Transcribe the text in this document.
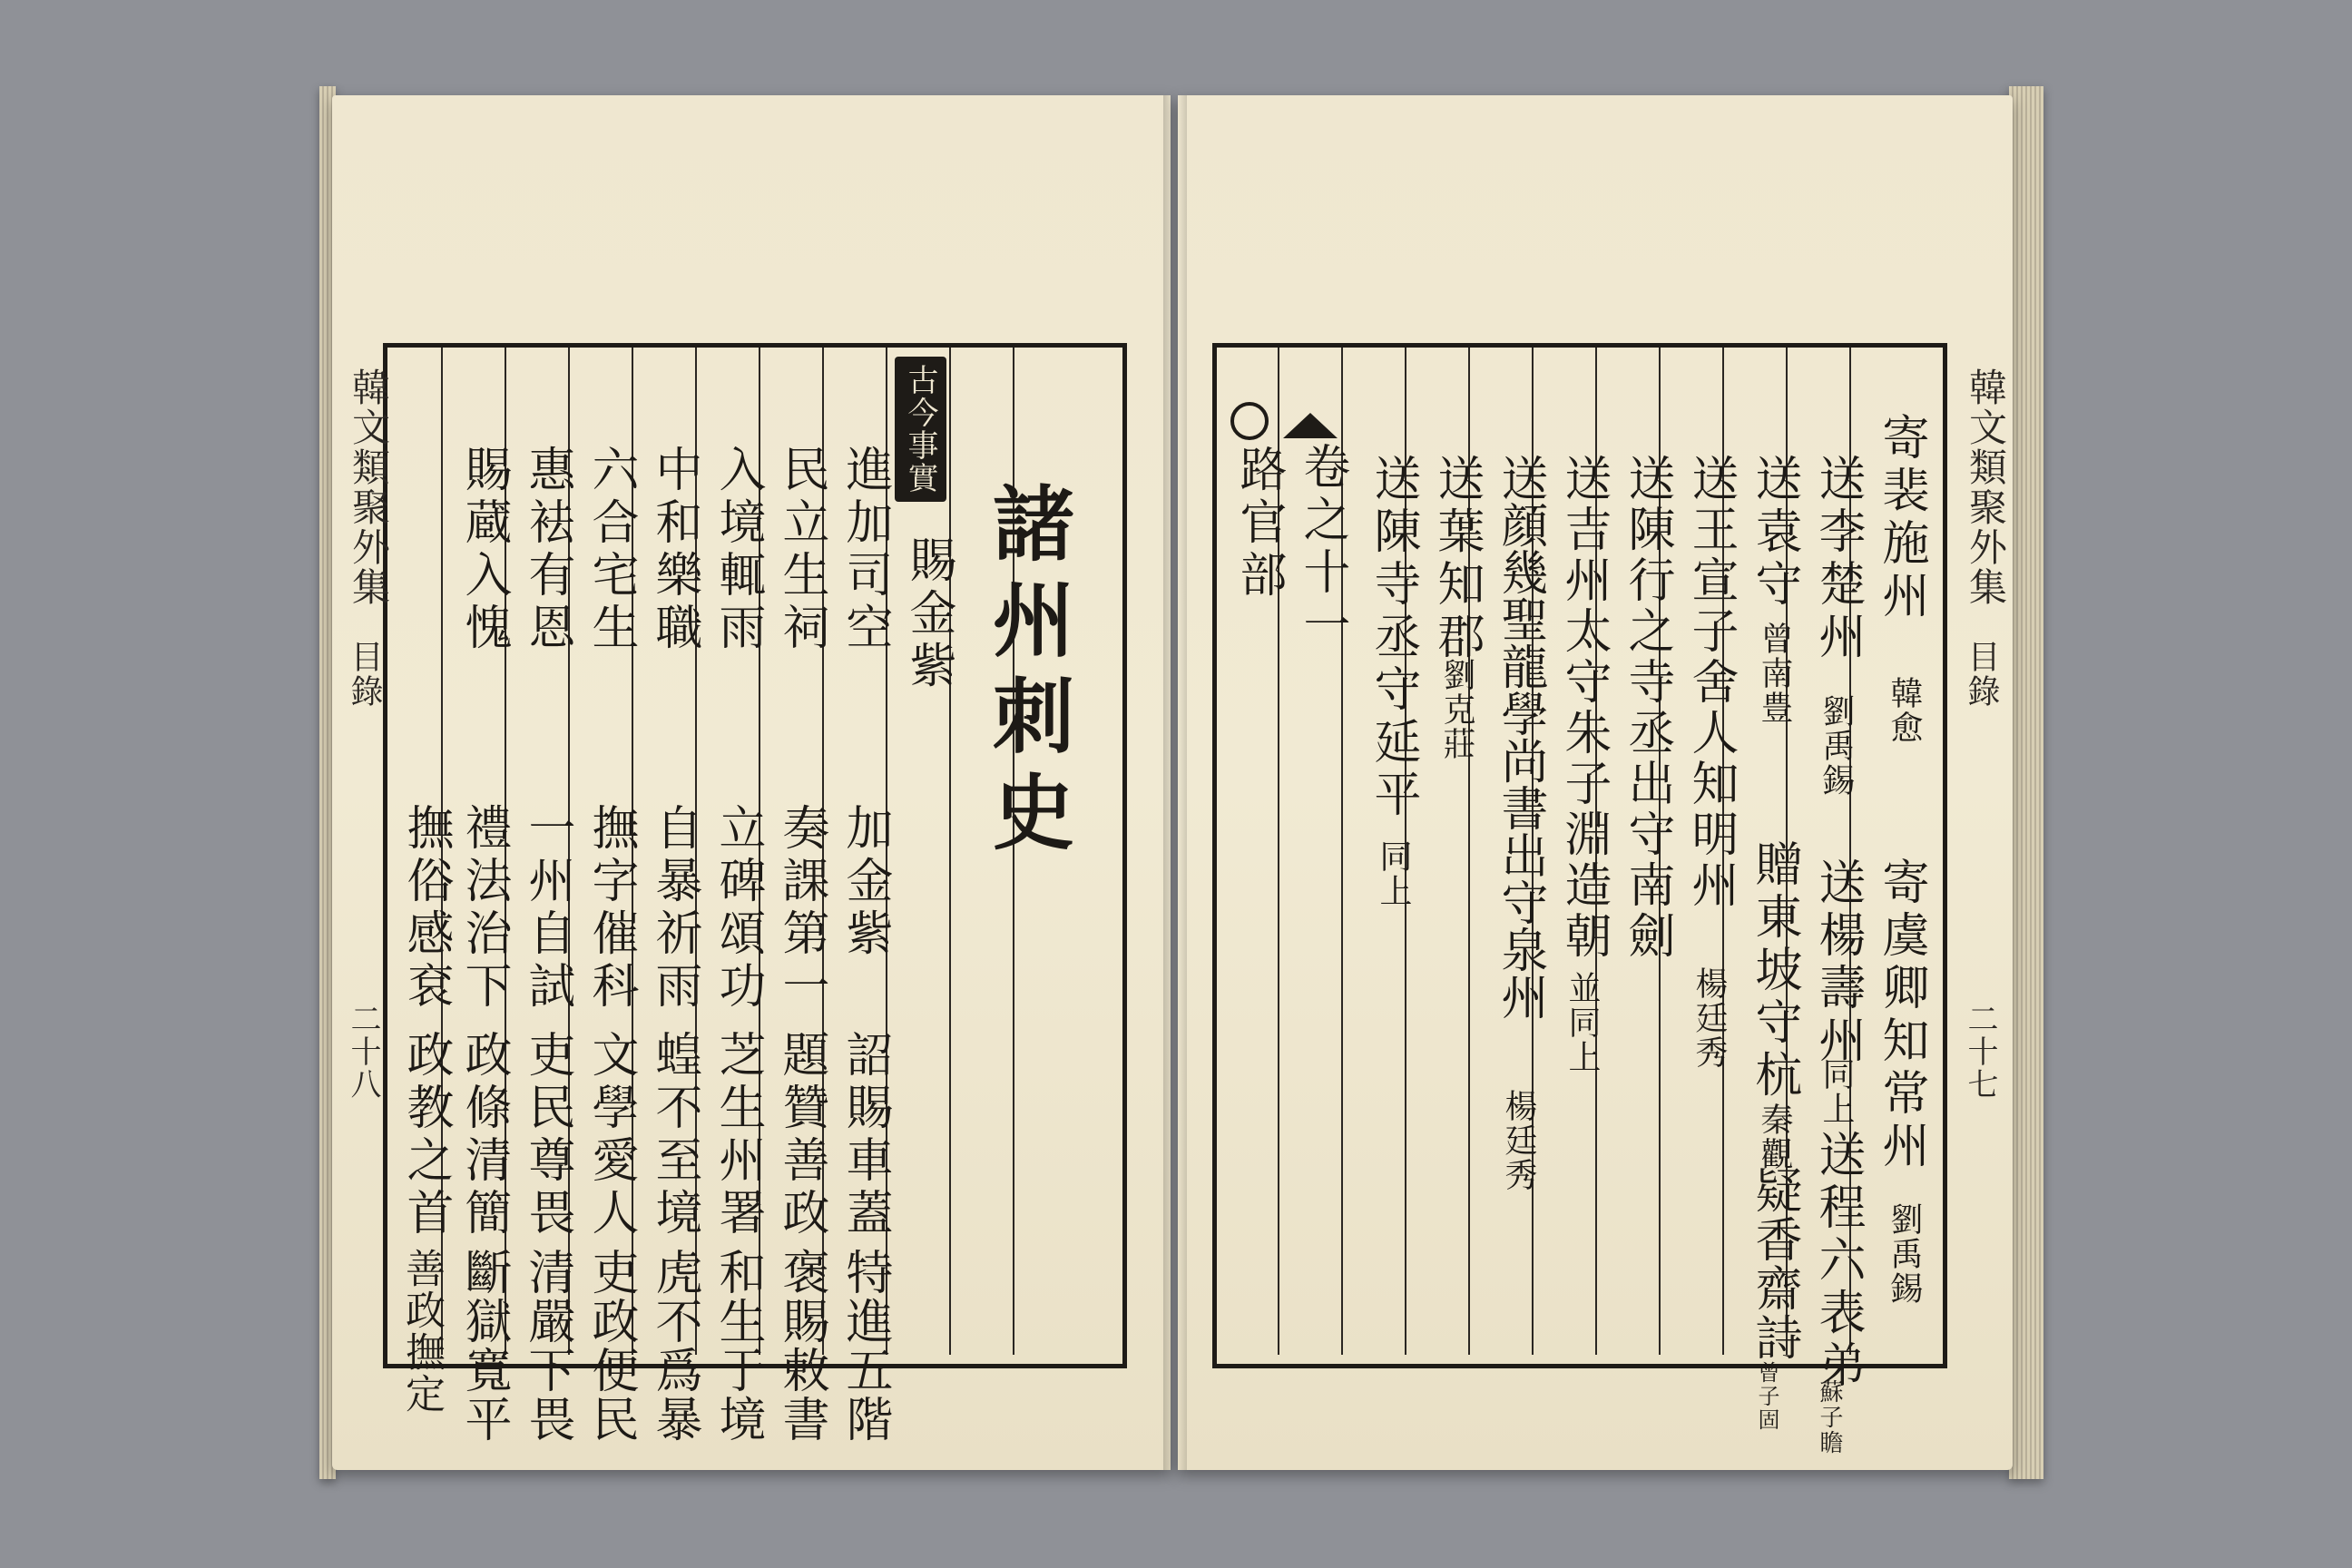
韓文類聚外集
目錄
二十八
諸州刺史
古今事實
賜金紫
加金紫
進加司空
奏課第一
詔賜車蓋
特進五階
民立生祠
立碑頌功
題贊善政
褒賜敕書
入境輒雨
自暴祈雨
芝生州署
和生于境
中和樂職
撫字催科
蝗不至境
虎不爲暴
六合宅生
一州自試
文學愛人
吏政便民
惠袪有恩
禮法治下
吏民尊畏
清嚴下畏
賜蔵入愧
撫俗感袞
政條清簡
斷獄寬平
政教之首
善政撫定
韓文類聚外集
目錄
二十七
寄裴施州
韓愈
寄虞卿知常州
劉禹錫
送李楚州
劉禹錫
送楊壽州
同上
送程六表弟
蘇子瞻
送袁守
曾南豊
贈東坡守杭
秦觀
疑香齋詩
曾子固
送王宣子舍人知明州
楊廷秀
送陳行之寺丞出守南劍
送吉州太守朱子淵造朝
並同上
送顔幾聖龍學尚書出守泉州
楊廷秀
送葉知郡
劉克莊
送陳寺丞守延平
同上
卷之十一
路官部
